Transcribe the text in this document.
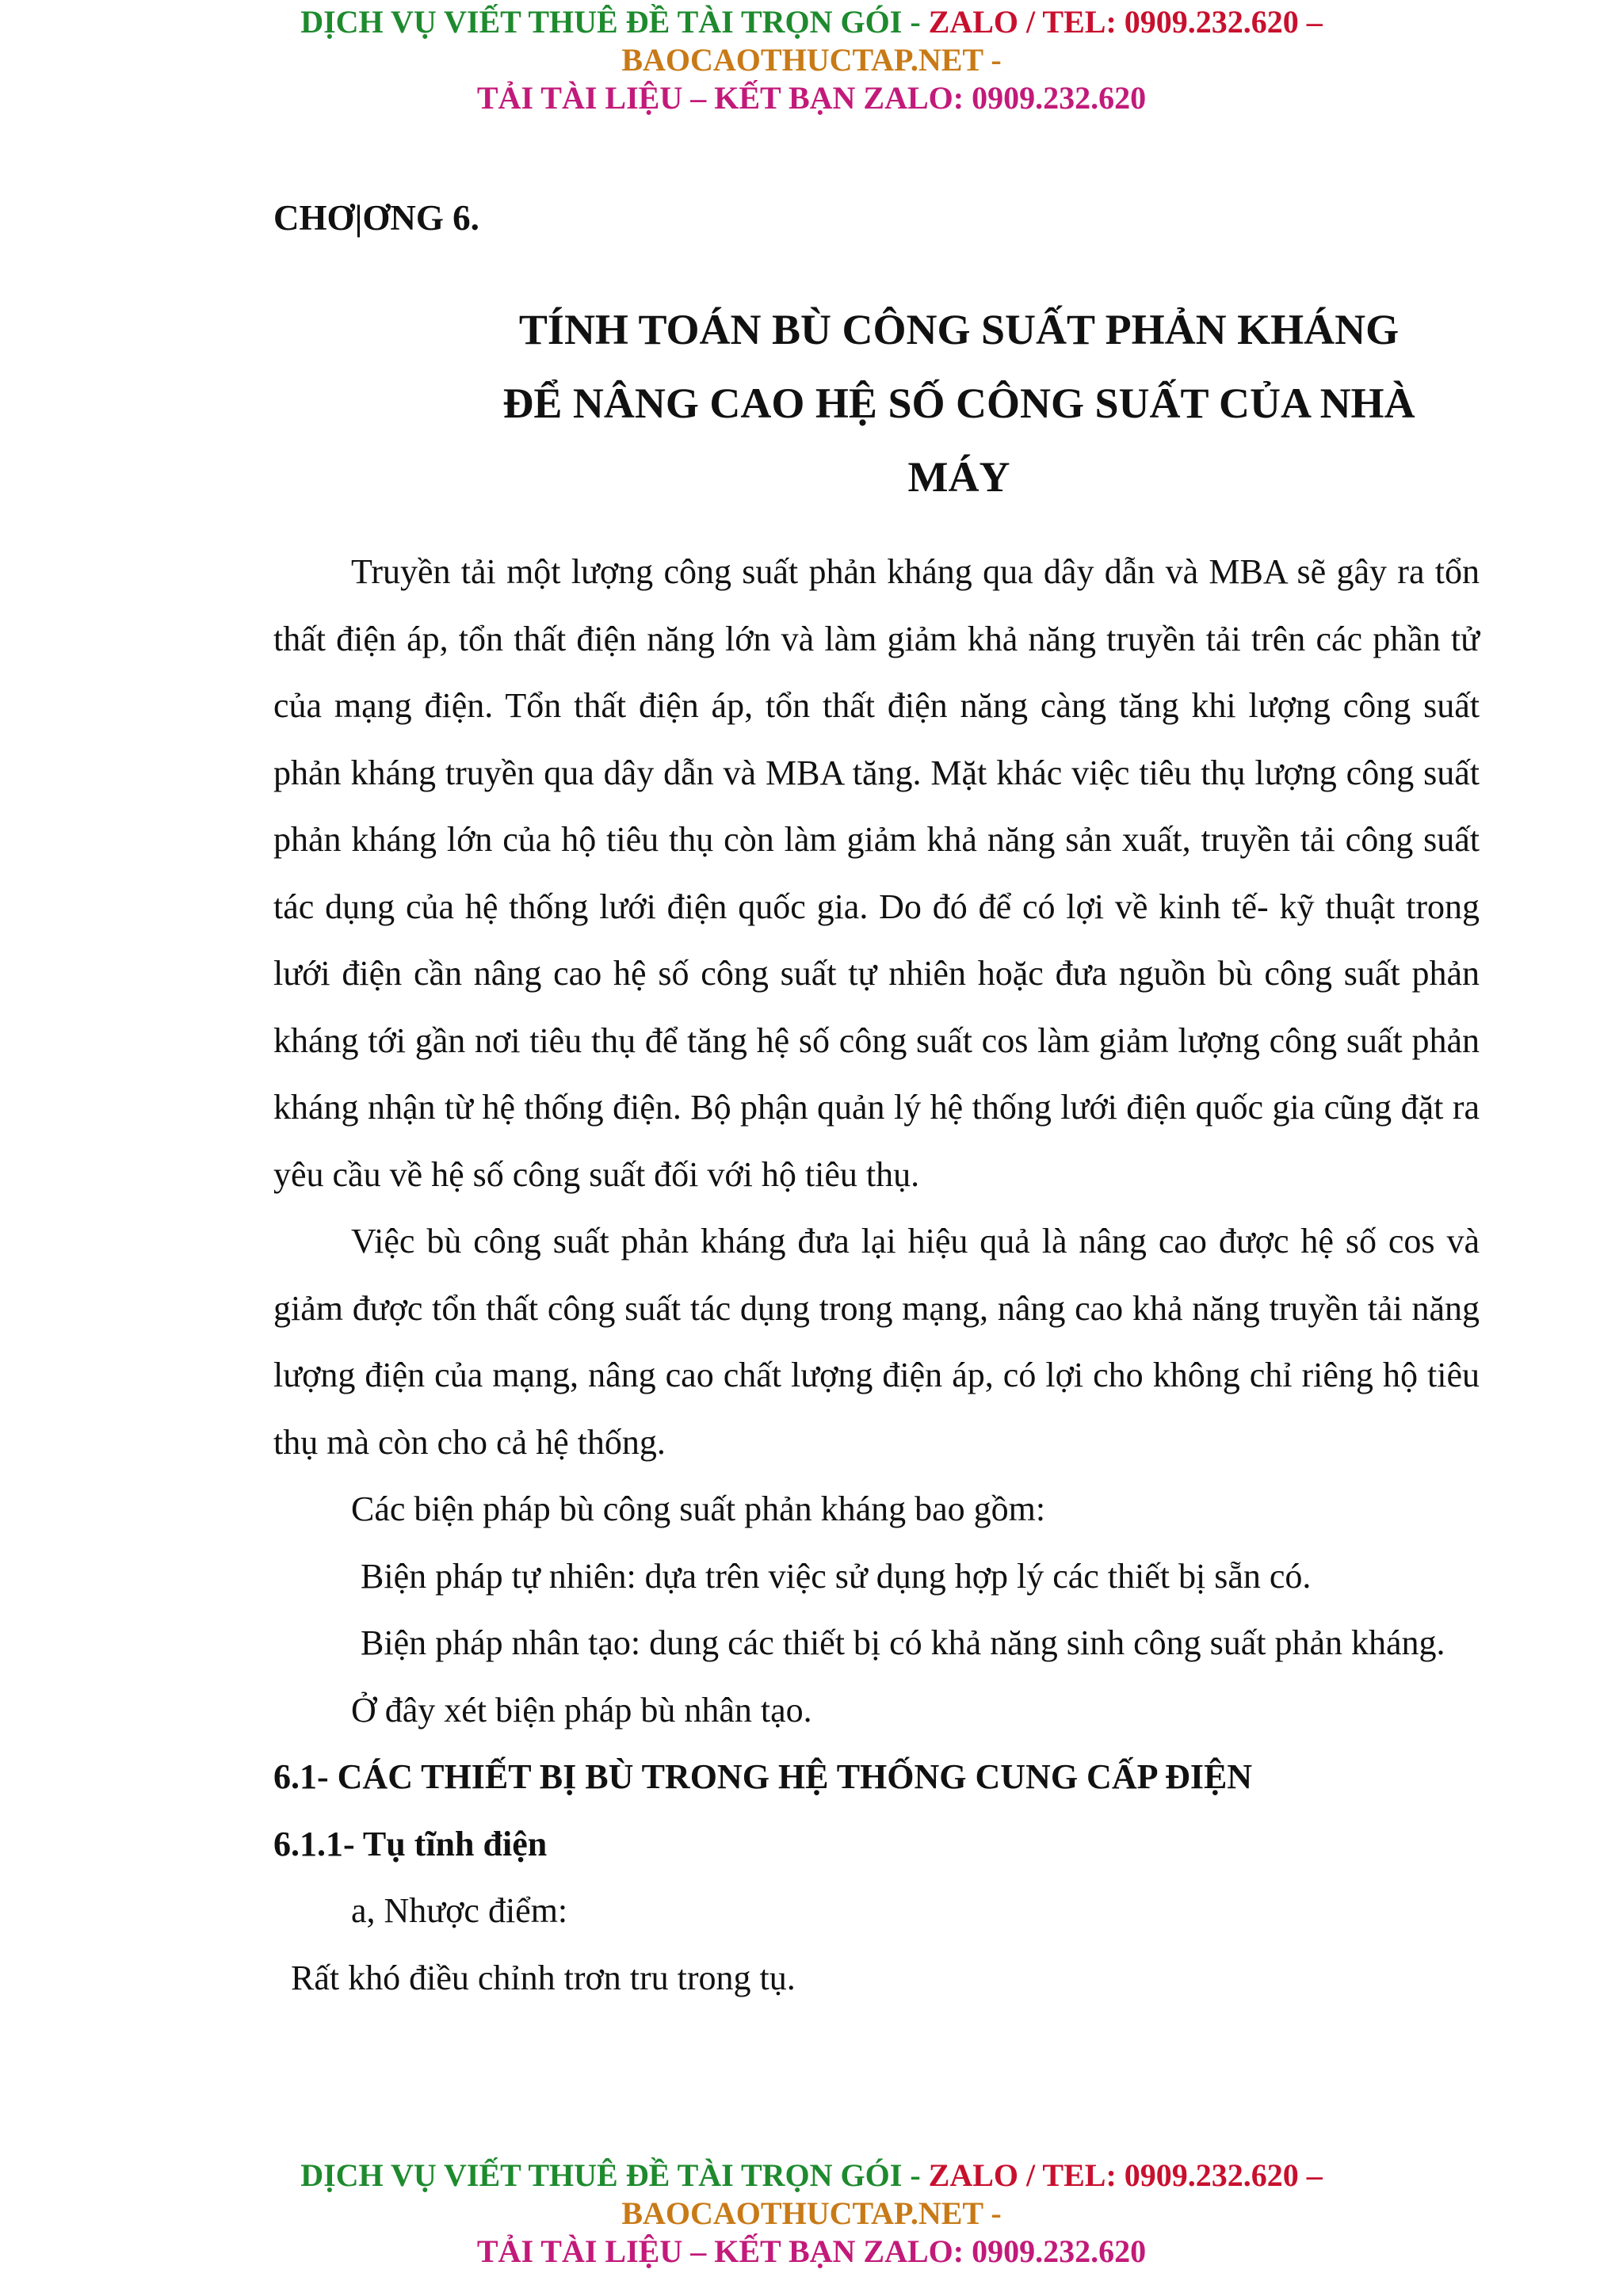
DỊCH VỤ VIẾT THUÊ ĐỀ TÀI TRỌN GÓI - ZALO / TEL: 0909.232.620 –
BAOCAOTHUCTAP.NET -
TẢI TÀI LIỆU – KẾT BẠN ZALO: 0909.232.620
CHƠ|ƠNG 6.
TÍNH TOÁN BÙ CÔNG SUẤT PHẢN KHÁNG
ĐỂ NÂNG CAO HỆ SỐ CÔNG SUẤT CỦA NHÀ
MÁY

Truyền tải một lượng công suất phản kháng qua dây dẫn và MBA sẽ gây ra tổn thất điện áp, tổn thất điện năng lớn và làm giảm khả năng truyền tải trên các phần tử của mạng điện. Tổn thất điện áp, tổn thất điện năng càng tăng khi lượng công suất phản kháng truyền qua dây dẫn và MBA tăng. Mặt khác việc tiêu thụ lượng công suất phản kháng lớn của hộ tiêu thụ còn làm giảm khả năng sản xuất, truyền tải công suất tác dụng của hệ thống lưới điện quốc gia. Do đó để có lợi về kinh tế- kỹ thuật trong lưới điện cần nâng cao hệ số công suất tự nhiên hoặc đưa nguồn bù công suất phản kháng tới gần nơi tiêu thụ để tăng hệ số công suất cos làm giảm lượng công suất phản kháng nhận từ hệ thống điện. Bộ phận quản lý hệ thống lưới điện quốc gia cũng đặt ra yêu cầu về hệ số công suất đối với hộ tiêu thụ.

Việc bù công suất phản kháng đưa lại hiệu quả là nâng cao được hệ số cos và giảm được tổn thất công suất tác dụng trong mạng, nâng cao khả năng truyền tải năng lượng điện của mạng, nâng cao chất lượng điện áp, có lợi cho không chỉ riêng hộ tiêu thụ mà còn cho cả hệ thống.

Các biện pháp bù công suất phản kháng bao gồm:

Biện pháp tự nhiên: dựa trên việc sử dụng hợp lý các thiết bị sẵn có.

Biện pháp nhân tạo: dung các thiết bị có khả năng sinh công suất phản kháng.

Ở đây xét biện pháp bù nhân tạo.

6.1- CÁC THIẾT BỊ BÙ TRONG HỆ THỐNG CUNG CẤP ĐIỆN

6.1.1- Tụ tĩnh điện

a, Nhược điểm:

Rất khó điều chỉnh trơn tru trong tụ.

DỊCH VỤ VIẾT THUÊ ĐỀ TÀI TRỌN GÓI - ZALO / TEL: 0909.232.620 –
BAOCAOTHUCTAP.NET -
TẢI TÀI LIỆU – KẾT BẠN ZALO: 0909.232.620
